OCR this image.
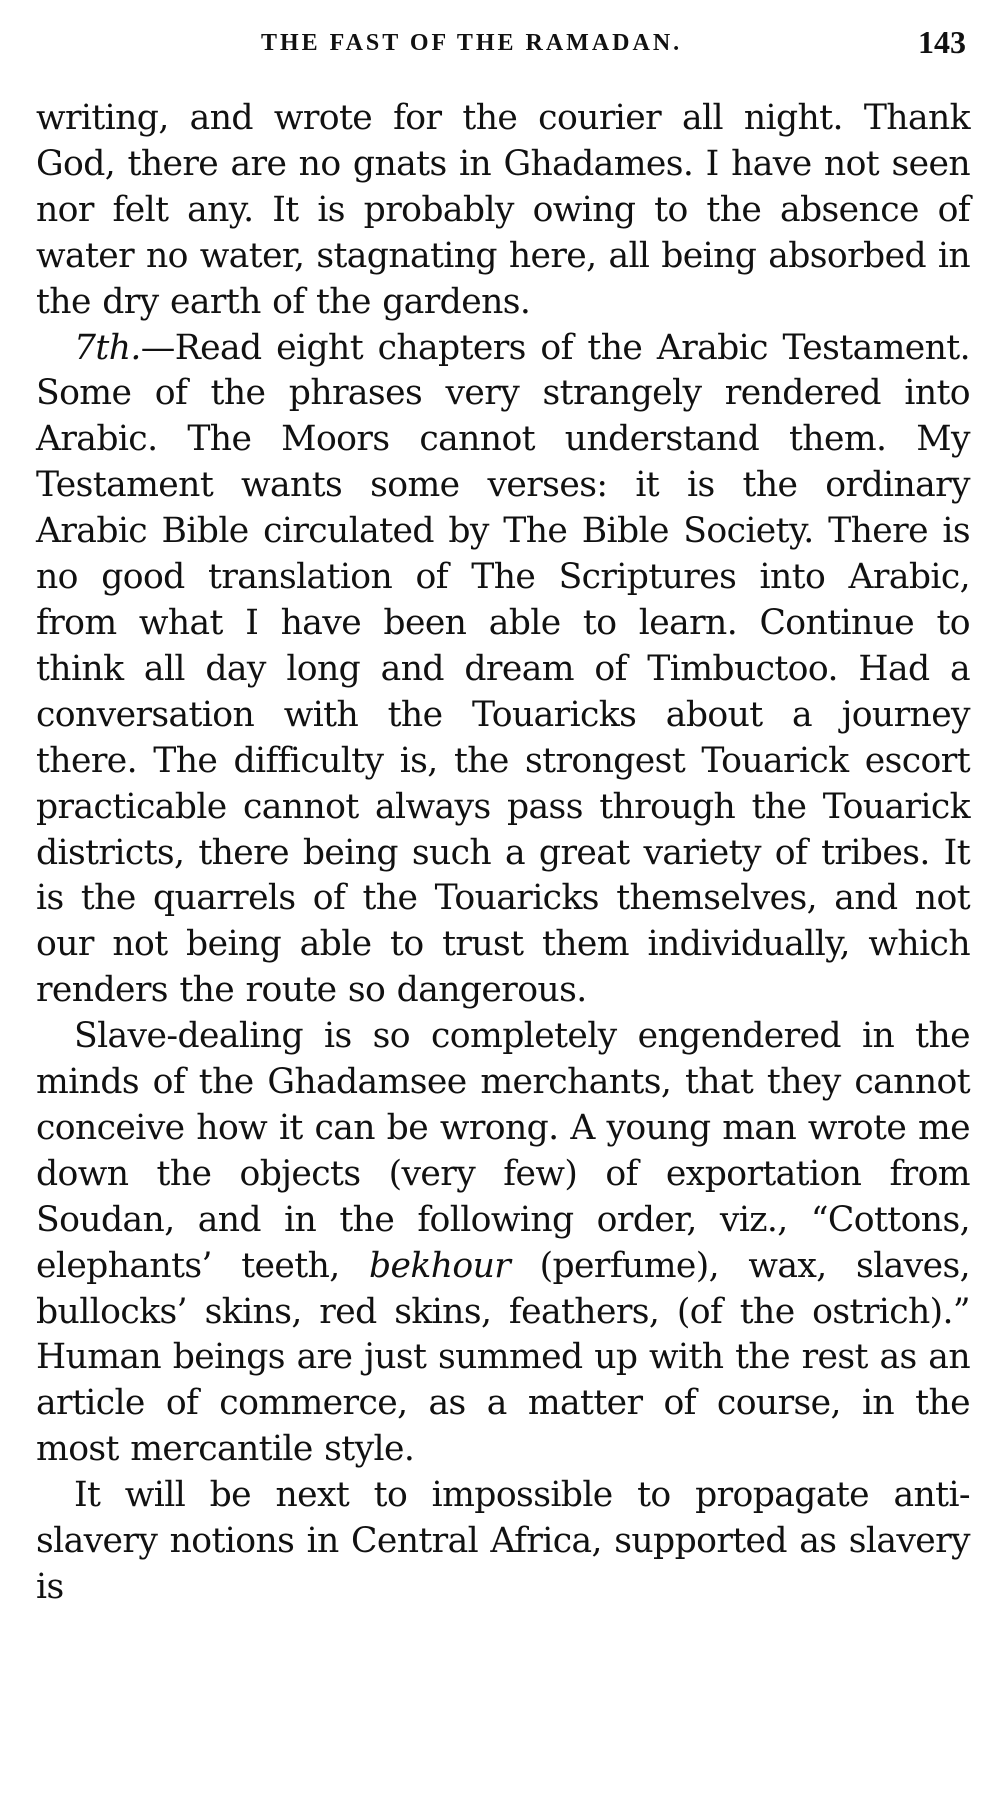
THE FAST OF THE RAMADAN.	143

writing, and wrote for the courier all night. Thank God, there are no gnats in Ghadames. I have not seen nor felt any. It is probably owing to the absence of water no water, stagnating here, all being absorbed in the dry earth of the gardens.

7th.—Read eight chapters of the Arabic Testament. Some of the phrases very strangely rendered into Arabic. The Moors cannot understand them. My Testament wants some verses: it is the ordinary Arabic Bible circulated by The Bible Society. There is no good translation of The Scriptures into Arabic, from what I have been able to learn. Continue to think all day long and dream of Timbuctoo. Had a conversation with the Touaricks about a journey there. The difficulty is, the strongest Touarick escort practicable cannot always pass through the Touarick districts, there being such a great variety of tribes. It is the quarrels of the Touaricks themselves, and not our not being able to trust them individually, which renders the route so dangerous.

Slave-dealing is so completely engendered in the minds of the Ghadamsee merchants, that they cannot conceive how it can be wrong. A young man wrote me down the objects (very few) of exportation from Soudan, and in the following order, viz., “Cottons, elephants’ teeth, bekhour (perfume), wax, slaves, bullocks’ skins, red skins, feathers, (of the ostrich).” Human beings are just summed up with the rest as an article of commerce, as a matter of course, in the most mercantile style.

It will be next to impossible to propagate anti-slavery notions in Central Africa, supported as slavery is
